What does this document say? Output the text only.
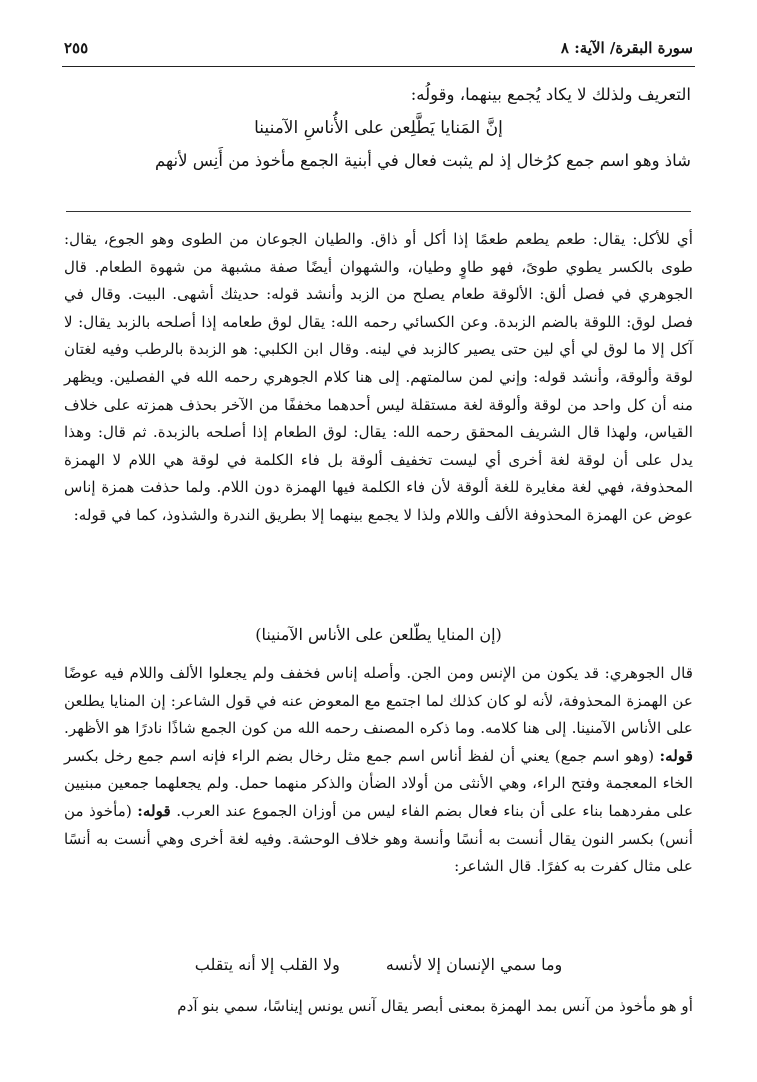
سورة البقرة/ الآية: ٨
٢٥٥

التعريف ولذلك لا يكاد يُجمع بينهما، وقولُه:

إنَّ المَنايا يَطَّلِعن على الأُناسِ الآمنينا

شاذ وهو اسم جمع كرُخال إذ لم يثبت فعال في أبنية الجمع مأخوذ من أَنِس لأنهم

أي للأكل: يقال: طعم يطعم طعمًا إذا أكل أو ذاق. والطيان الجوعان من الطوى وهو الجوع، يقال: طوى بالكسر يطوي طوىً، فهو طاوٍ وطيان، والشهوان أيضًا صفة مشبهة من شهوة الطعام. قال الجوهري في فصل ألق: الألوقة طعام يصلح من الزبد وأنشد قوله: حديثك أشهى. البيت. وقال في فصل لوق: اللوقة بالضم الزبدة. وعن الكسائي رحمه الله: يقال لوق طعامه إذا أصلحه بالزبد يقال: لا آكل إلا ما لوق لي أي لين حتى يصير كالزبد في لينه. وقال ابن الكلبي: هو الزبدة بالرطب وفيه لغتان لوقة وألوقة، وأنشد قوله: وإني لمن سالمتهم. إلى هنا كلام الجوهري رحمه الله في الفصلين. ويظهر منه أن كل واحد من لوقة وألوقة لغة مستقلة ليس أحدهما مخففًا من الآخر بحذف همزته على خلاف القياس، ولهذا قال الشريف المحقق رحمه الله: يقال: لوق الطعام إذا أصلحه بالزبدة. ثم قال: وهذا يدل على أن لوقة لغة أخرى أي ليست تخفيف ألوقة بل فاء الكلمة في لوقة هي اللام لا الهمزة المحذوفة، فهي لغة مغايرة للغة ألوقة لأن فاء الكلمة فيها الهمزة دون اللام. ولما حذفت همزة إناس عوض عن الهمزة المحذوفة الألف واللام ولذا لا يجمع بينهما إلا بطريق الندرة والشذوذ، كما في قوله:

(إن المنايا يطّلعن على الأناس الآمنينا)

قال الجوهري: قد يكون من الإنس ومن الجن. وأصله إناس فخفف ولم يجعلوا الألف واللام فيه عوضًا عن الهمزة المحذوفة، لأنه لو كان كذلك لما اجتمع مع المعوض عنه في قول الشاعر: إن المنايا يطلعن على الأناس الآمنينا. إلى هنا كلامه. وما ذكره المصنف رحمه الله من كون الجمع شاذًا نادرًا هو الأظهر. قوله: (وهو اسم جمع) يعني أن لفظ أناس اسم جمع مثل رخال بضم الراء فإنه اسم جمع رخل بكسر الخاء المعجمة وفتح الراء، وهي الأنثى من أولاد الضأن والذكر منهما حمل. ولم يجعلهما جمعين مبنيين على مفردهما بناء على أن بناء فعال بضم الفاء ليس من أوزان الجموع عند العرب. قوله: (مأخوذ من أنس) بكسر النون يقال أنست به أنسًا وأنسة وهو خلاف الوحشة. وفيه لغة أخرى وهي أنست به أنسًا على مثال كفرت به كفرًا. قال الشاعر:

وما سمي الإنسان إلا لأنسه
ولا القلب إلا أنه يتقلب
أو هو مأخوذ من آنس بمد الهمزة بمعنى أبصر يقال آنس يونس إيناسًا، سمي بنو آدم
